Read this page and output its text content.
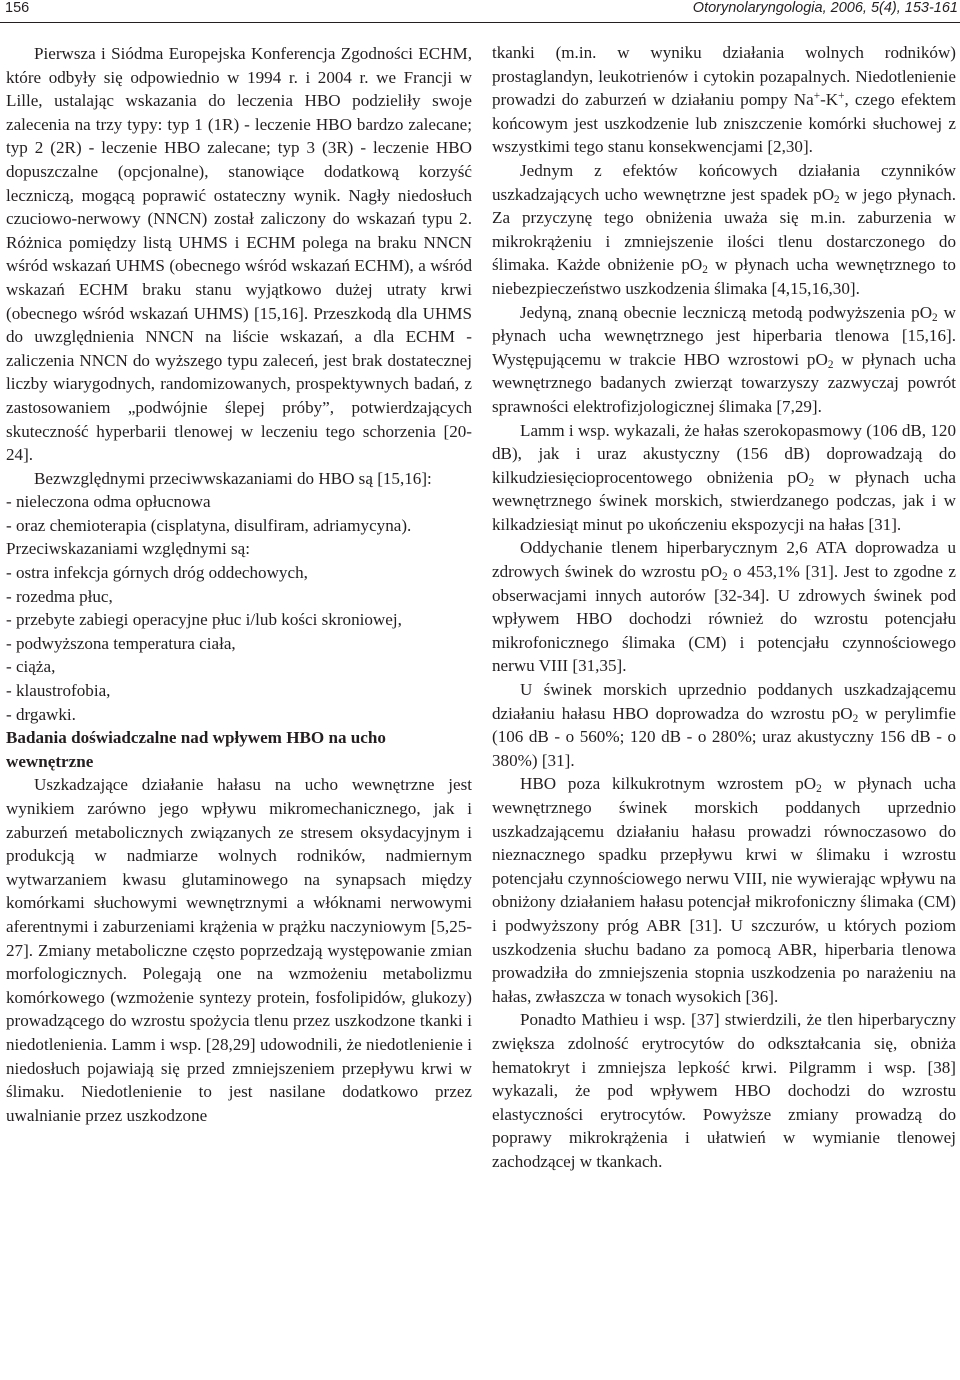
156	Otorynolaryngologia, 2006, 5(4), 153-161

Pierwsza i Siódma Europejska Konferencja Zgodności ECHM, które odbyły się odpowiednio w 1994 r. i 2004 r. we Francji w Lille, ustalając wskazania do leczenia HBO podzieliły swoje zalecenia na trzy typy: typ 1 (1R) - leczenie HBO bardzo zalecane; typ 2 (2R) - leczenie HBO zalecane; typ 3 (3R) - leczenie HBO dopuszczalne (opcjonalne), stanowiące dodatkową korzyść leczniczą, mogącą poprawić ostateczny wynik. Nagły niedosłuch czuciowo-nerwowy (NNCN) został zaliczony do wskazań typu 2. Różnica pomiędzy listą UHMS i ECHM polega na braku NNCN wśród wskazań UHMS (obecnego wśród wskazań ECHM), a wśród wskazań ECHM braku stanu wyjątkowo dużej utraty krwi (obecnego wśród wskazań UHMS) [15,16]. Przeszkodą dla UHMS do uwzględnienia NNCN na liście wskazań, a dla ECHM - zaliczenia NNCN do wyższego typu zaleceń, jest brak dostatecznej liczby wiarygodnych, randomizowanych, prospektywnych badań, z zastosowaniem „podwójnie ślepej próby”, potwierdzających skuteczność hyperbarii tlenowej w leczeniu tego schorzenia [20-24].

Bezwzględnymi przeciwwskazaniami do HBO są [15,16]:

- nieleczona odma opłucnowa
- oraz chemioterapia (cisplatyna, disulfiram, adriamycyna).

Przeciwskazaniami względnymi są:

- ostra infekcja górnych dróg oddechowych,
- rozedma płuc,
- przebyte zabiegi operacyjne płuc i/lub kości skroniowej,
- podwyższona temperatura ciała,
- ciąża,
- klaustrofobia,
- drgawki.

Badania doświadczalne nad wpływem HBO na ucho wewnętrzne

Uszkadzające działanie hałasu na ucho wewnętrzne jest wynikiem zarówno jego wpływu mikromechanicznego, jak i zaburzeń metabolicznych związanych ze stresem oksydacyjnym i produkcją w nadmiarze wolnych rodników, nadmiernym wytwarzaniem kwasu glutaminowego na synapsach między komórkami słuchowymi wewnętrznymi a włóknami nerwowymi aferentnymi i zaburzeniami krążenia w prążku naczyniowym [5,25- 27]. Zmiany metaboliczne często poprzedzają występowanie zmian morfologicznych. Polegają one na wzmożeniu metabolizmu komórkowego (wzmożenie syntezy protein, fosfolipidów, glukozy) prowadzącego do wzrostu spożycia tlenu przez uszkodzone tkanki i niedotlenienia. Lamm i wsp. [28,29] udowodnili, że niedotlenienie i niedosłuch pojawiają się przed zmniejszeniem przepływu krwi w ślimaku. Niedotlenienie to jest nasilane dodatkowo przez uwalnianie przez uszkodzone

tkanki (m.in. w wyniku działania wolnych rodników) prostaglandyn, leukotrienów i cytokin pozapalnych. Niedotlenienie prowadzi do zaburzeń w działaniu pompy Na+-K+, czego efektem końcowym jest uszkodzenie lub zniszczenie komórki słuchowej z wszystkimi tego stanu konsekwencjami [2,30].

Jednym z efektów końcowych działania czynników uszkadzających ucho wewnętrzne jest spadek $pO_2$ w jego płynach. Za przyczynę tego obniżenia uważa się m.in. zaburzenia w mikrokrążeniu i zmniejszenie ilości tlenu dostarczonego do ślimaka. Każde obniżenie $pO_2$ w płynach ucha wewnętrznego to niebezpieczeństwo uszkodzenia ślimaka [4,15,16,30].

Jedyną, znaną obecnie leczniczą metodą podwyższenia $pO_2$ w płynach ucha wewnętrznego jest hiperbaria tlenowa [15,16]. Występującemu w trakcie HBO wzrostowi $pO_2$ w płynach ucha wewnętrznego badanych zwierząt towarzyszy zazwyczaj powrót sprawności elektrofizjologicznej ślimaka [7,29].

Lamm i wsp. wykazali, że hałas szerokopasmowy (106 dB, 120 dB), jak i uraz akustyczny (156 dB) doprowadzają do kilkudziesięcioprocentowego obniżenia $pO_2$ w płynach ucha wewnętrznego świnek morskich, stwierdzanego podczas, jak i w kilkadziesiąt minut po ukończeniu ekspozycji na hałas [31].

Oddychanie tlenem hiperbarycznym 2,6 ATA doprowadza u zdrowych świnek do wzrostu $pO_2$ o 453,1% [31]. Jest to zgodne z obserwacjami innych autorów [32-34]. U zdrowych świnek pod wpływem HBO dochodzi również do wzrostu potencjału mikrofonicznego ślimaka (CM) i potencjału czynnościowego nerwu VIII [31,35].

U świnek morskich uprzednio poddanych uszkadzającemu działaniu hałasu HBO doprowadza do wzrostu $pO_2$ w perylimfie (106 dB - o 560%; 120 dB - o 280%; uraz akustyczny 156 dB - o 380%) [31].

HBO poza kilkukrotnym wzrostem $pO_2$ w płynach ucha wewnętrznego świnek morskich poddanych uprzednio uszkadzającemu działaniu hałasu prowadzi równoczasowo do nieznacznego spadku przepływu krwi w ślimaku i wzrostu potencjału czynnościowego nerwu VIII, nie wywierając wpływu na obniżony działaniem hałasu potencjał mikrofoniczny ślimaka (CM) i podwyższony próg ABR [31]. U szczurów, u których poziom uszkodzenia słuchu badano za pomocą ABR, hiperbaria tlenowa prowadziła do zmniejszenia stopnia uszkodzenia po narażeniu na hałas, zwłaszcza w tonach wysokich [36].

Ponadto Mathieu i wsp. [37] stwierdzili, że tlen hiperbaryczny zwiększa zdolność erytrocytów do odkształcania się, obniża hematokryt i zmniejsza lepkość krwi. Pilgramm i wsp. [38] wykazali, że pod wpływem HBO dochodzi do wzrostu elastyczności erytrocytów. Powyższe zmiany prowadzą do poprawy mikrokrążenia i ułatwień w wymianie tlenowej zachodzącej w tkankach.
